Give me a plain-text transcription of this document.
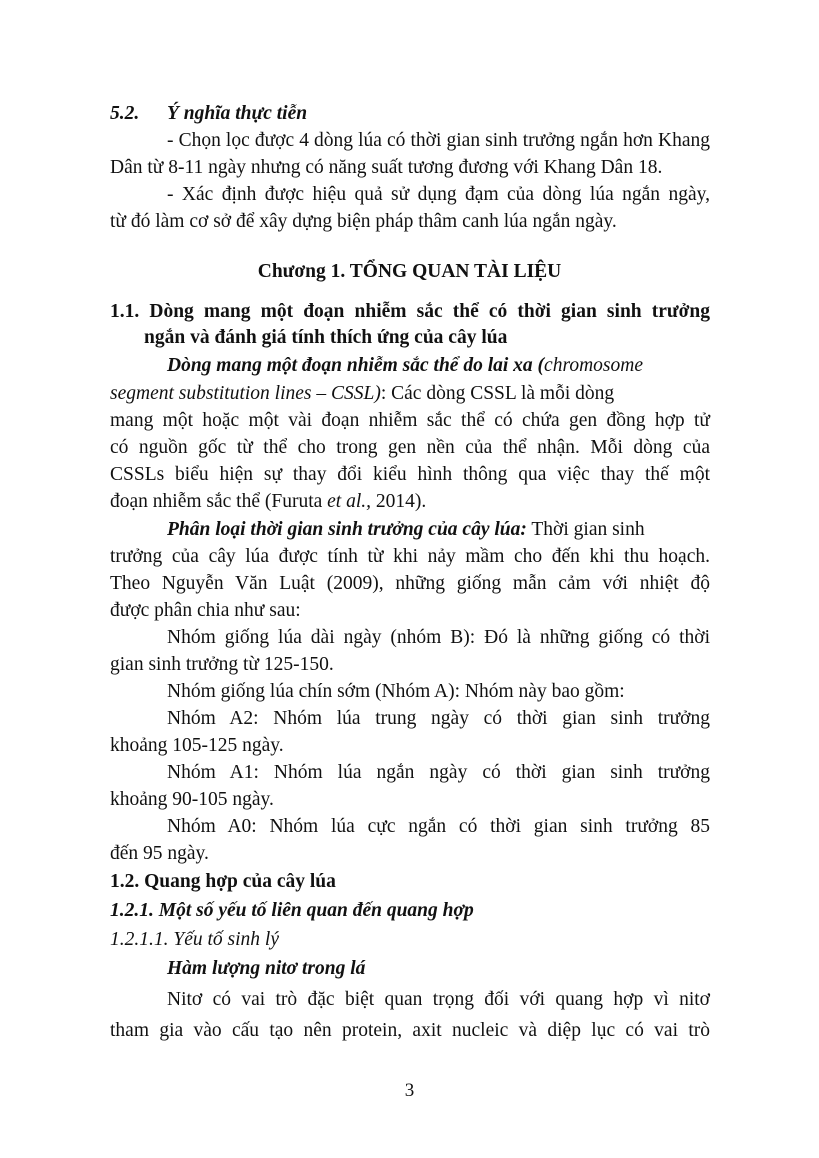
5.2. Ý nghĩa thực tiễn
- Chọn lọc được 4 dòng lúa có thời gian sinh trưởng ngắn hơn Khang
Dân từ 8-11 ngày nhưng có năng suất tương đương với Khang Dân 18.
- Xác định được hiệu quả sử dụng đạm của dòng lúa ngắn ngày,
từ đó làm cơ sở để xây dựng biện pháp thâm canh lúa ngắn ngày.
Chương 1. TỔNG QUAN TÀI LIỆU
1.1. Dòng mang một đoạn nhiễm sắc thể có thời gian sinh trưởng
ngắn và đánh giá tính thích ứng của cây lúa
Dòng mang một đoạn nhiễm sắc thể do lai xa (chromosome
segment substitution lines – CSSL): Các dòng CSSL là mỗi dòng
mang một hoặc một vài đoạn nhiễm sắc thể có chứa gen đồng hợp tử
có nguồn gốc từ thể cho trong gen nền của thể nhận. Mỗi dòng của
CSSLs biểu hiện sự thay đổi kiểu hình thông qua việc thay thế một
đoạn nhiễm sắc thể (Furuta et al., 2014).
Phân loại thời gian sinh trưởng của cây lúa: Thời gian sinh
trưởng của cây lúa được tính từ khi nảy mầm cho đến khi thu hoạch.
Theo Nguyễn Văn Luật (2009), những giống mẫn cảm với nhiệt độ
được phân chia như sau:
Nhóm giống lúa dài ngày (nhóm B): Đó là những giống có thời
gian sinh trưởng từ 125-150.
Nhóm giống lúa chín sớm (Nhóm A): Nhóm này bao gồm:
Nhóm A2: Nhóm lúa trung ngày có thời gian sinh trưởng
khoảng 105-125 ngày.
Nhóm A1: Nhóm lúa ngắn ngày có thời gian sinh trưởng
khoảng 90-105 ngày.
Nhóm A0: Nhóm lúa cực ngắn có thời gian sinh trưởng 85
đến 95 ngày.
1.2. Quang hợp của cây lúa
1.2.1. Một số yếu tố liên quan đến quang hợp
1.2.1.1. Yếu tố sinh lý
Hàm lượng nitơ trong lá
Nitơ có vai trò đặc biệt quan trọng đối với quang hợp vì nitơ
tham gia vào cấu tạo nên protein, axit nucleic và diệp lục có vai trò
3
